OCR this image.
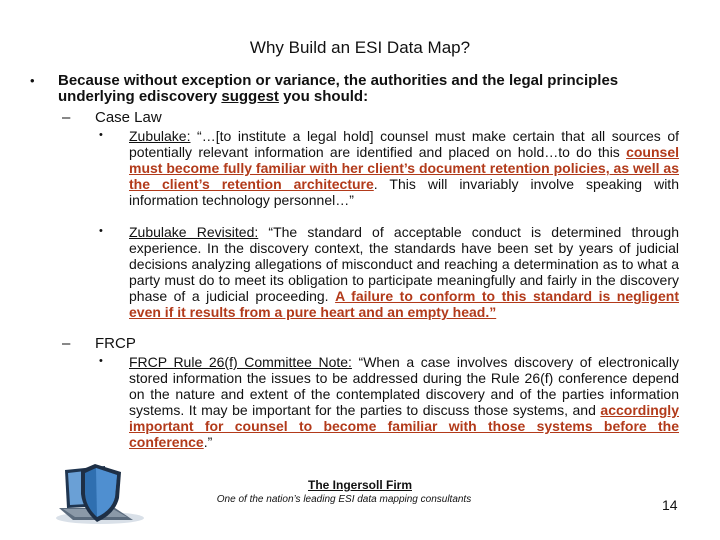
Why Build an ESI Data Map?
• Because without exception or variance, the authorities and the legal principles underlying ediscovery suggest you should:
– Case Law
• Zubulake: “…[to institute a legal hold] counsel must make certain that all sources of potentially relevant information are identified and placed on hold…to do this counsel must become fully familiar with her client’s document retention policies, as well as the client’s retention architecture. This will invariably involve speaking with information technology personnel…”
• Zubulake Revisited: “The standard of acceptable conduct is determined through experience. In the discovery context, the standards have been set by years of judicial decisions analyzing allegations of misconduct and reaching a determination as to what a party must do to meet its obligation to participate meaningfully and fairly in the discovery phase of a judicial proceeding. A failure to conform to this standard is negligent even if it results from a pure heart and an empty head.”
– FRCP
• FRCP Rule 26(f) Committee Note: “When a case involves discovery of electronically stored information the issues to be addressed during the Rule 26(f) conference depend on the nature and extent of the contemplated discovery and of the parties information systems. It may be important for the parties to discuss those systems, and accordingly important for counsel to become familiar with those systems before the conference.”
The Ingersoll Firm
One of the nation’s leading ESI data mapping consultants	14
